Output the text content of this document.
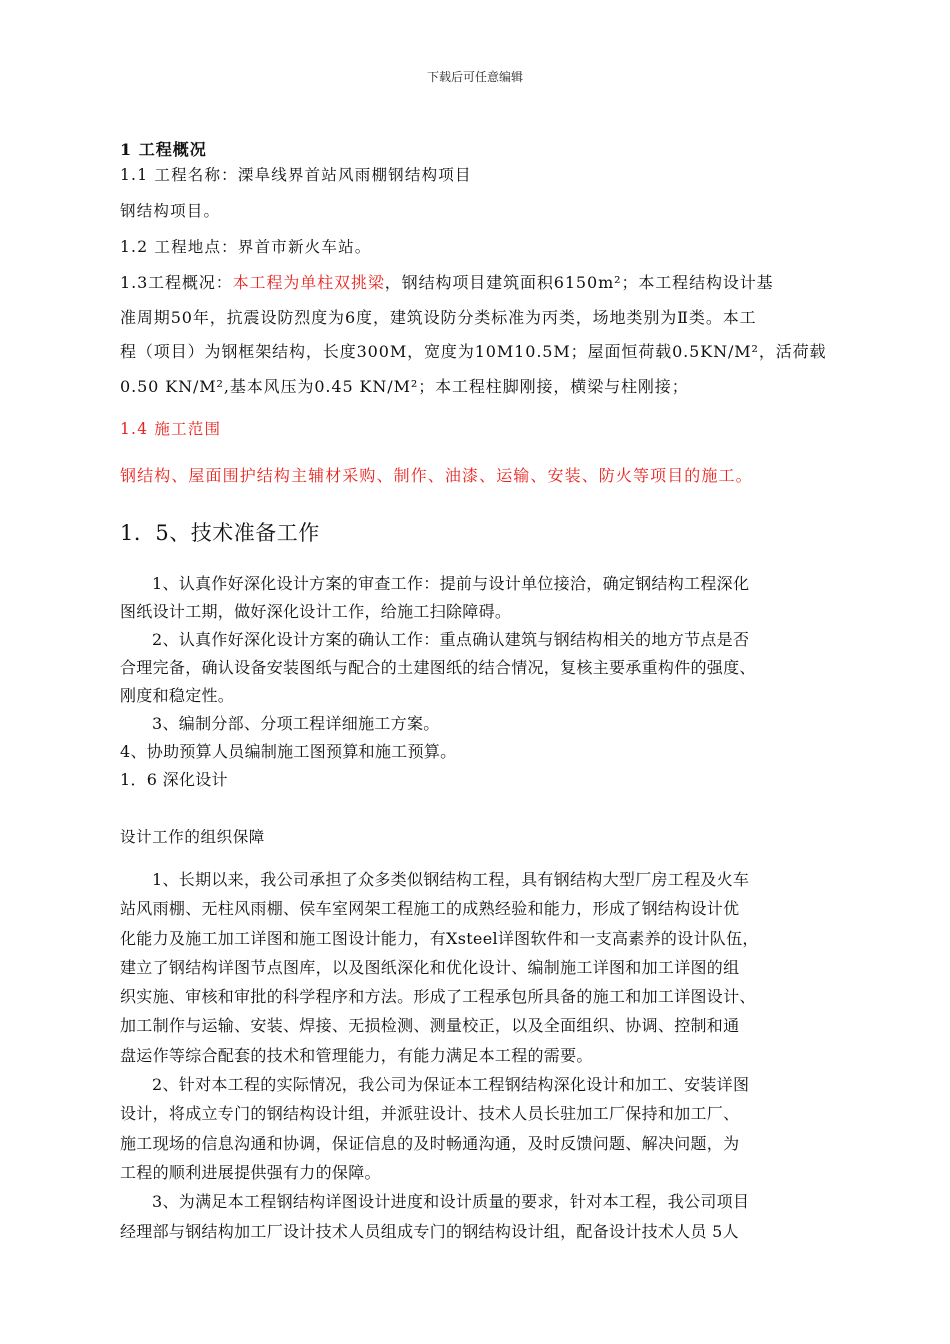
下载后可任意编辑

1 工程概况

1.1 工程名称：溧阜线界首站风雨棚钢结构项目

钢结构项目。

1.2 工程地点：界首市新火车站。

1.3工程概况：本工程为单柱双挑梁，钢结构项目建筑面积6150m²；本工程结构设计基
准周期50年，抗震设防烈度为6度，建筑设防分类标准为丙类，场地类别为Ⅱ类。本工
程（项目）为钢框架结构，长度300M，宽度为10M10.5M；屋面恒荷载0.5KN/M²，活荷载
0.50 KN/M²,基本风压为0.45 KN/M²；本工程柱脚刚接，横梁与柱刚接；

1.4 施工范围

钢结构、屋面围护结构主辅材采购、制作、油漆、运输、安装、防火等项目的施工。

1．5、技术准备工作

1、认真作好深化设计方案的审查工作：提前与设计单位接洽，确定钢结构工程深化
图纸设计工期，做好深化设计工作，给施工扫除障碍。
2、认真作好深化设计方案的确认工作：重点确认建筑与钢结构相关的地方节点是否
合理完备，确认设备安装图纸与配合的土建图纸的结合情况，复核主要承重构件的强度、
刚度和稳定性。
3、编制分部、分项工程详细施工方案。
4、协助预算人员编制施工图预算和施工预算。
1．6 深化设计

设计工作的组织保障

1、长期以来，我公司承担了众多类似钢结构工程，具有钢结构大型厂房工程及火车
站风雨棚、无柱风雨棚、侯车室网架工程施工的成熟经验和能力，形成了钢结构设计优
化能力及施工加工详图和施工图设计能力，有Xsteel详图软件和一支高素养的设计队伍，
建立了钢结构详图节点图库，以及图纸深化和优化设计、编制施工详图和加工详图的组
织实施、审核和审批的科学程序和方法。形成了工程承包所具备的施工和加工详图设计、
加工制作与运输、安装、焊接、无损检测、测量校正，以及全面组织、协调、控制和通
盘运作等综合配套的技术和管理能力，有能力满足本工程的需要。
2、针对本工程的实际情况，我公司为保证本工程钢结构深化设计和加工、安装详图
设计，将成立专门的钢结构设计组，并派驻设计、技术人员长驻加工厂保持和加工厂、
施工现场的信息沟通和协调，保证信息的及时畅通沟通，及时反馈问题、解决问题，为
工程的顺利进展提供强有力的保障。
3、为满足本工程钢结构详图设计进度和设计质量的要求，针对本工程，我公司项目
经理部与钢结构加工厂设计技术人员组成专门的钢结构设计组，配备设计技术人员 5人
